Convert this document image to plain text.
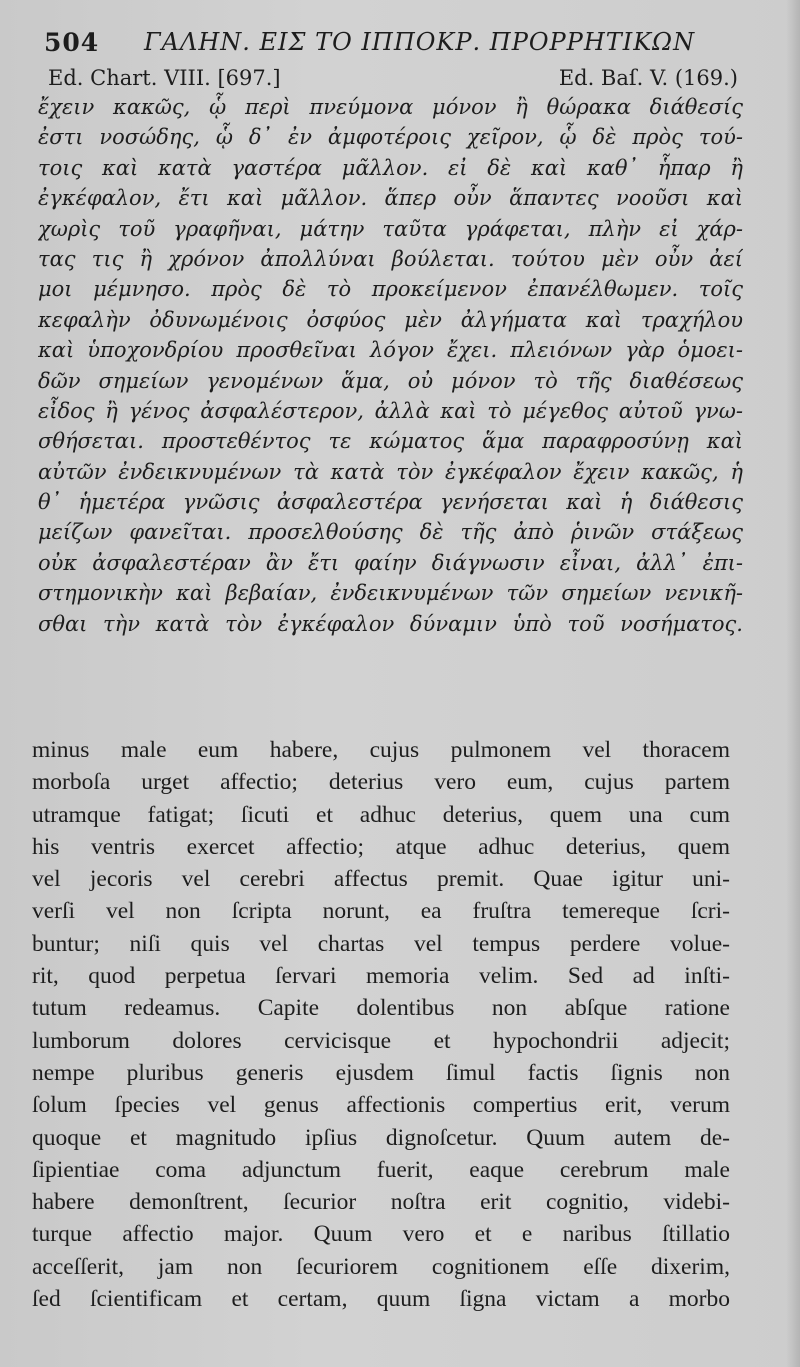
504 ΓΑΛΗΝ. ΕΙΣ ΤΟ ΙΠΠΟΚΡ. ΠΡΟΡΡΗΤΙΚΩΝ
Ed. Chart. VIII. [697.]	Ed. Baſ. V. (169.)
ἔχειν κακῶς, ᾧ περὶ πνεύμονα μόνον ἢ θώρακα διάθεσίς
ἐστι νοσώδης, ᾧ δ᾽ ἐν ἀμφοτέροις χεῖρον, ᾧ δὲ πρὸς τού-
τοις καὶ κατὰ γαστέρα μᾶλλον. εἰ δὲ καὶ καθ᾽ ἧπαρ ἢ
ἐγκέφαλον, ἔτι καὶ μᾶλλον. ἅπερ οὖν ἅπαντες νοοῦσι καὶ
χωρὶς τοῦ γραφῆναι, μάτην ταῦτα γράφεται, πλὴν εἰ χάρ-
τας τις ἢ χρόνον ἀπολλύναι βούλεται. τούτου μὲν οὖν ἀεί
μοι μέμνησο. πρὸς δὲ τὸ προκείμενον ἐπανέλθωμεν. τοῖς
κεφαλὴν ὀδυνωμένοις ὀσφύος μὲν ἀλγήματα καὶ τραχήλου
καὶ ὑποχονδρίου προσθεῖναι λόγον ἔχει. πλειόνων γὰρ ὁμοει-
δῶν σημείων γενομένων ἅμα, οὐ μόνον τὸ τῆς διαθέσεως
εἶδος ἢ γένος ἀσφαλέστερον, ἀλλὰ καὶ τὸ μέγεθος αὐτοῦ γνω-
σθήσεται. προστεθέντος τε κώματος ἅμα παραφροσύνῃ καὶ
αὐτῶν ἐνδεικνυμένων τὰ κατὰ τὸν ἐγκέφαλον ἔχειν κακῶς, ἡ
θ᾽ ἡμετέρα γνῶσις ἀσφαλεστέρα γενήσεται καὶ ἡ διάθεσις
μείζων φανεῖται. προσελθούσης δὲ τῆς ἀπὸ ῥινῶν στάξεως
οὐκ ἀσφαλεστέραν ἂν ἔτι φαίην διάγνωσιν εἶναι, ἀλλ᾽ ἐπι-
στημονικὴν καὶ βεβαίαν, ἐνδεικνυμένων τῶν σημείων νενικῆ-
σθαι τὴν κατὰ τὸν ἐγκέφαλον δύναμιν ὑπὸ τοῦ νοσήματος.
minus male eum habere, cujus pulmonem vel thoracem
morboſa urget affectio; deterius vero eum, cujus partem
utramque fatigat; ſicuti et adhuc deterius, quem una cum
his ventris exercet affectio; atque adhuc deterius, quem
vel jecoris vel cerebri affectus premit. Quae igitur uni-
verſi vel non ſcripta norunt, ea fruſtra temereque ſcri-
buntur; niſi quis vel chartas vel tempus perdere volue-
rit, quod perpetua ſervari memoria velim. Sed ad inſti-
tutum redeamus. Capite dolentibus non abſque ratione
lumborum dolores cervicisque et hypochondrii adjecit;
nempe pluribus generis ejusdem ſimul factis ſignis non
ſolum ſpecies vel genus affectionis compertius erit, verum
quoque et magnitudo ipſius dignoſcetur. Quum autem de-
ſipientiae coma adjunctum fuerit, eaque cerebrum male
habere demonſtrent, ſecurior noſtra erit cognitio, videbi-
turque affectio major. Quum vero et e naribus ſtillatio
acceſſerit, jam non ſecuriorem cognitionem eſſe dixerim,
ſed ſcientificam et certam, quum ſigna victam a morbo
